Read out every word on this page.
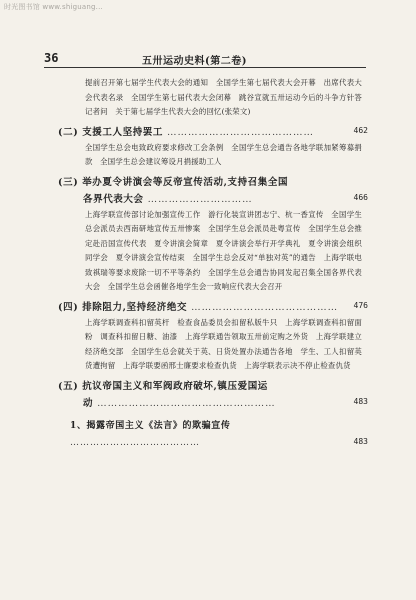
时光图书馆 www.shiguang...
36	五卅运动史料(第二卷)
提前召开第七届学生代表大会的通知　全国学生第七届代表大会开幕　出席代表大会代表名录　全国学生第七届代表大会闭幕　跳谷宣就五卅运动今后的斗争方针答记者问　关于第七届学生代表大会的回忆(张荣文)
(二) 支援工人坚持罢工 ……………………………………	462
全国学生总会电致政府要求修改工会条例　全国学生总会通告各地学联加紧筹募捐款　全国学生总会建议筹设月捐援助工人
(三) 举办夏令讲演会等反帝宣传活动,支持召集全国
各界代表大会 …………………………	466
上海学联宣传部讨论加强宣传工作　游行化装宣讲团志宁、杭一香宣传　全国学生总会派员去西南研地宣传五卅惨案　全国学生总会派员赴粤宣传　全国学生总会推定赴沿国宣传代表　夏令讲演会简章　夏令讲演会举行开学典礼　夏令讲演会组织同学会　夏令讲演会宣传结束　全国学生总会反对“单独对英”的通告　上海学联电致祺瑞等要求废除一切不平等条约　全国学生总会通告协同发起召集全国各界代表大会　全国学生总会函催各地学生会一致响应代表大会召开
(四) 排除阻力,坚持经济绝交 …………………………………… 476
上海学联调查科扣留英杆　检查食品委员会扣留私版牛只　上海学联调查科扣留面粉　调查科扣留日糖、油漆　上海学联通告领取五卅前定购之外货　上海学联建立经济绝交部　全国学生总会就关于英、日货处置办法通告各地　学生、工人扣留英货遭拘留　上海学联要函邢士廉要求检查仇货　上海学联表示决不停止检查仇货
(五) 抗议帝国主义和军阀政府破坏,镇压爱国运
动 ……………………………………………	483
1、揭露帝国主义《法言》的欺骗宣传 …………………………………	483
